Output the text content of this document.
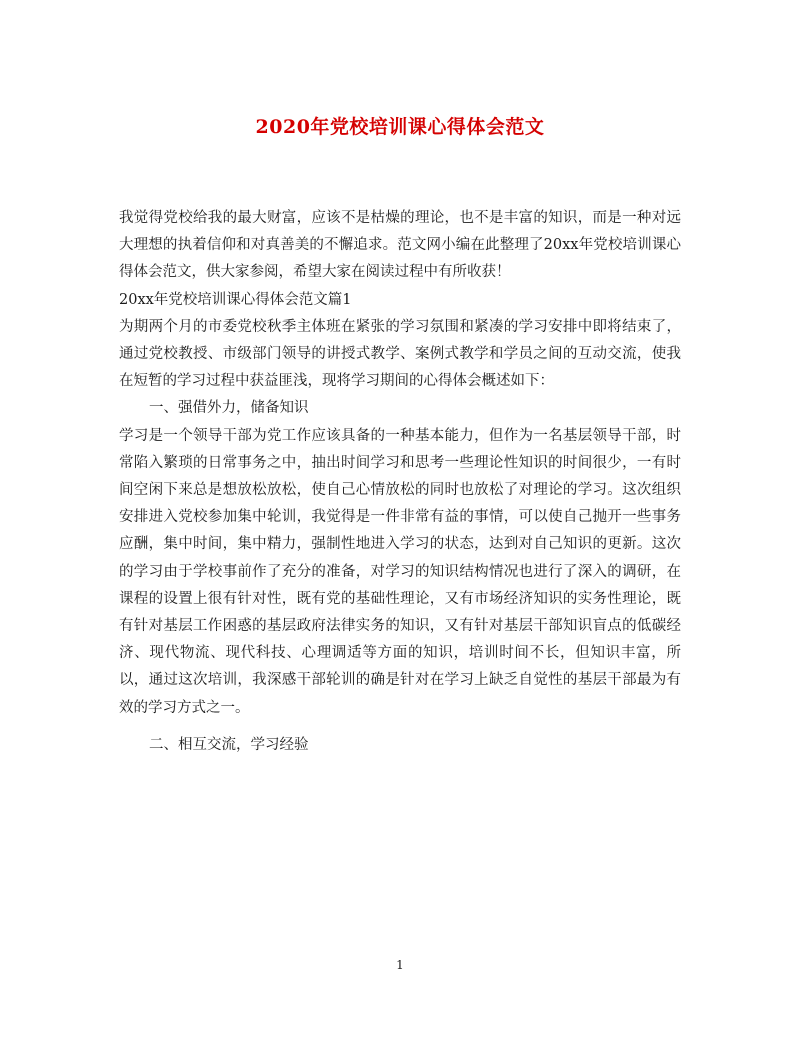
2020年党校培训课心得体会范文

我觉得党校给我的最大财富，应该不是枯燥的理论，也不是丰富的知识，而是一种对远大理想的执着信仰和对真善美的不懈追求。范文网小编在此整理了20xx年党校培训课心得体会范文，供大家参阅，希望大家在阅读过程中有所收获！

20xx年党校培训课心得体会范文篇1

为期两个月的市委党校秋季主体班在紧张的学习氛围和紧凑的学习安排中即将结束了，通过党校教授、市级部门领导的讲授式教学、案例式教学和学员之间的互动交流，使我在短暂的学习过程中获益匪浅，现将学习期间的心得体会概述如下：

一、强借外力，储备知识

学习是一个领导干部为党工作应该具备的一种基本能力，但作为一名基层领导干部，时常陷入繁琐的日常事务之中，抽出时间学习和思考一些理论性知识的时间很少，一有时间空闲下来总是想放松放松，使自己心情放松的同时也放松了对理论的学习。这次组织安排进入党校参加集中轮训，我觉得是一件非常有益的事情，可以使自己抛开一些事务应酬，集中时间，集中精力，强制性地进入学习的状态，达到对自己知识的更新。这次的学习由于学校事前作了充分的准备，对学习的知识结构情况也进行了深入的调研，在课程的设置上很有针对性，既有党的基础性理论，又有市场经济知识的实务性理论，既有针对基层工作困惑的基层政府法律实务的知识，又有针对基层干部知识盲点的低碳经济、现代物流、现代科技、心理调适等方面的知识，培训时间不长，但知识丰富，所以，通过这次培训，我深感干部轮训的确是针对在学习上缺乏自觉性的基层干部最为有效的学习方式之一。

二、相互交流，学习经验

1
